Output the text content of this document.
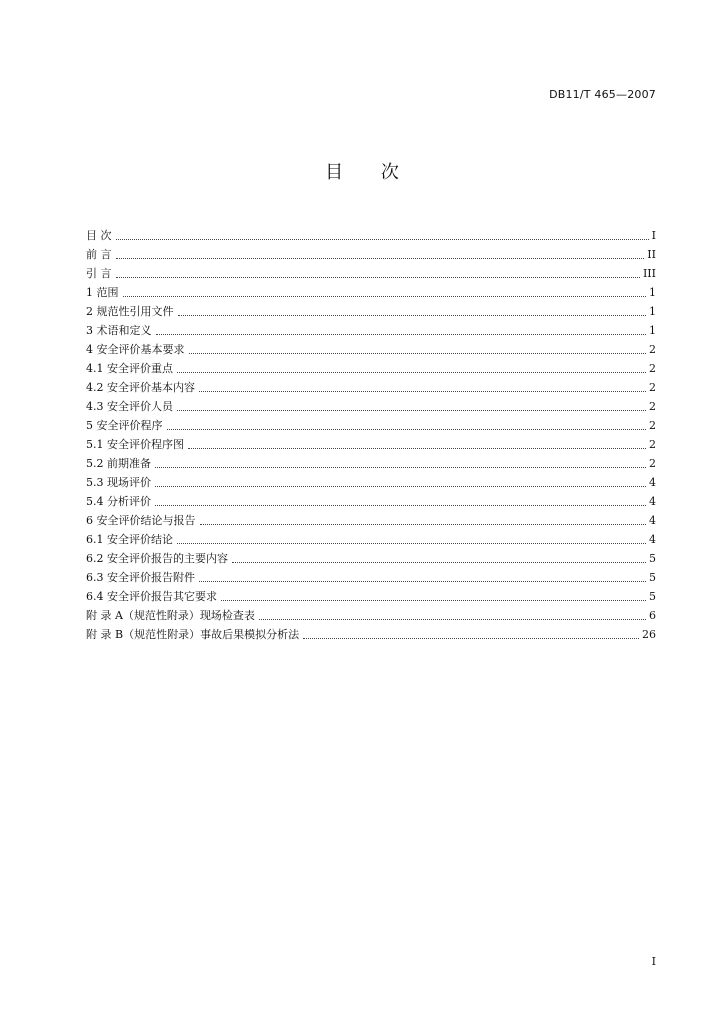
DB11/T 465—2007
目 次
目 次	I
前 言	II
引 言	III
1 范围	1
2 规范性引用文件	1
3 术语和定义	1
4 安全评价基本要求	2
4.1 安全评价重点	2
4.2 安全评价基本内容	2
4.3 安全评价人员	2
5 安全评价程序	2
5.1 安全评价程序图	2
5.2 前期准备	2
5.3 现场评价	4
5.4 分析评价	4
6 安全评价结论与报告	4
6.1 安全评价结论	4
6.2 安全评价报告的主要内容	5
6.3 安全评价报告附件	5
6.4 安全评价报告其它要求	5
附 录 A（规范性附录）现场检查表	6
附 录 B（规范性附录）事故后果模拟分析法	26
I
